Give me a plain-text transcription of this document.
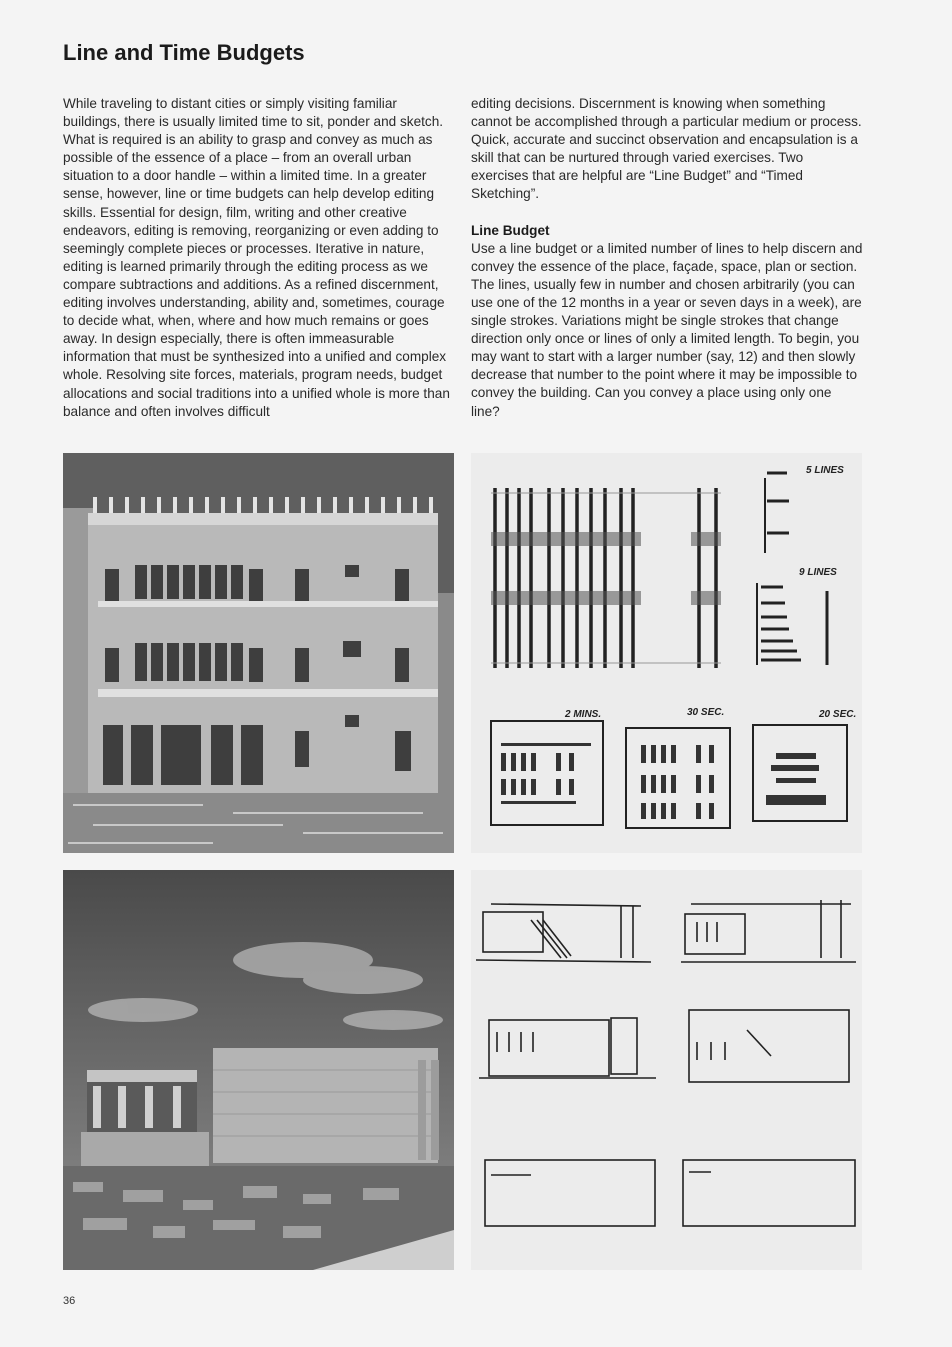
Line and Time Budgets

While traveling to distant cities or simply visiting familiar buildings, there is usually limited time to sit, ponder and sketch. What is required is an ability to grasp and convey as much as possible of the essence of a place – from an overall urban situation to a door handle – within a limited time. In a greater sense, however, line or time budgets can help develop editing skills. Essential for design, film, writing and other creative endeavors, editing is removing, reorganizing or even adding to seemingly complete pieces or processes. Iterative in nature, editing is learned primarily through the editing process as we compare subtractions and additions. As a refined discernment, editing involves understanding, ability and, sometimes, courage to decide what, when, where and how much remains or goes away. In design especially, there is often immeasurable information that must be synthesized into a unified and complex whole. Resolving site forces, materials, program needs, budget allocations and social traditions into a unified whole is more than balance and often involves difficult

editing decisions. Discernment is knowing when something cannot be accomplished through a particular medium or process. Quick, accurate and succinct observation and encapsulation is a skill that can be nurtured through varied exercises. Two exercises that are helpful are “Line Budget” and “Timed Sketching”.

Line Budget

Use a line budget or a limited number of lines to help discern and convey the essence of the place, façade, space, plan or section. The lines, usually few in number and chosen arbitrarily (you can use one of the 12 months in a year or seven days in a week), are single strokes. Variations might be single strokes that change direction only once or lines of only a limited length. To begin, you may want to start with a larger number (say, 12) and then slowly decrease that number to the point where it may be impossible to convey the building. Can you convey a place using only one line?

5 LINES
9 LINES
2 MINS.	30 SEC.	20 SEC.
36
